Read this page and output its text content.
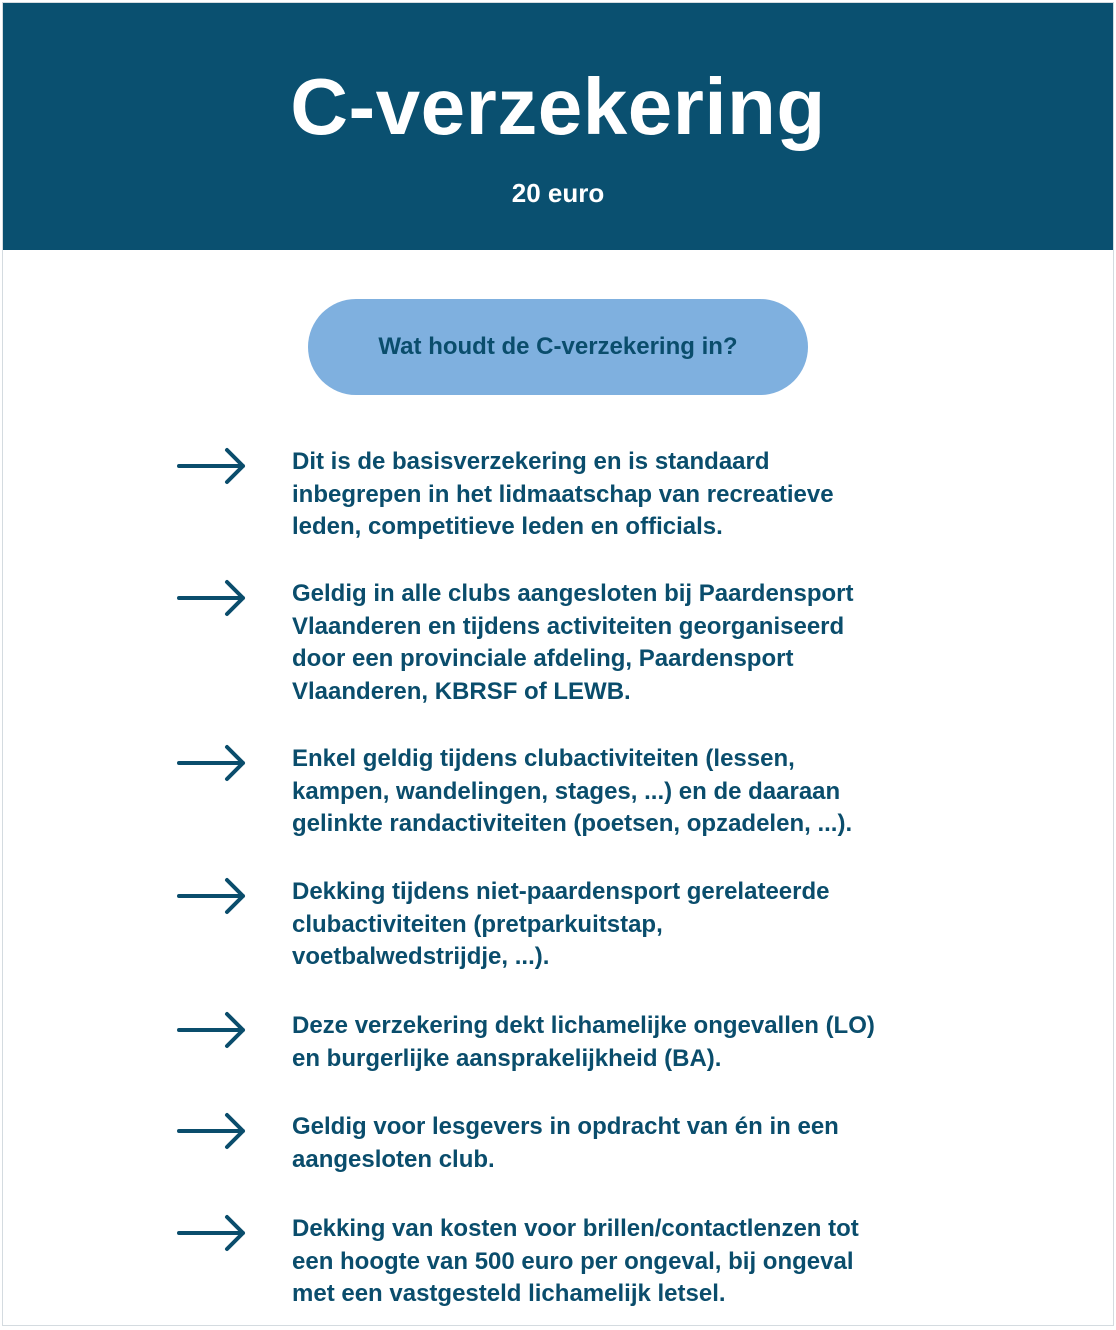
C-verzekering
20 euro
Wat houdt de C-verzekering in?
Dit is de basisverzekering en is standaard
inbegrepen in het lidmaatschap van recreatieve
leden, competitieve leden en officials.
Geldig in alle clubs aangesloten bij Paardensport
Vlaanderen en tijdens activiteiten georganiseerd
door een provinciale afdeling, Paardensport
Vlaanderen, KBRSF of LEWB.
Enkel geldig tijdens clubactiviteiten (lessen,
kampen, wandelingen, stages, ...) en de daaraan
gelinkte randactiviteiten (poetsen, opzadelen, ...).
Dekking tijdens niet-paardensport gerelateerde
clubactiviteiten (pretparkuitstap,
voetbalwedstrijdje, ...).
Deze verzekering dekt lichamelijke ongevallen (LO)
en burgerlijke aansprakelijkheid (BA).
Geldig voor lesgevers in opdracht van én in een
aangesloten club.
Dekking van kosten voor brillen/contactlenzen tot
een hoogte van 500 euro per ongeval, bij ongeval
met een vastgesteld lichamelijk letsel.
